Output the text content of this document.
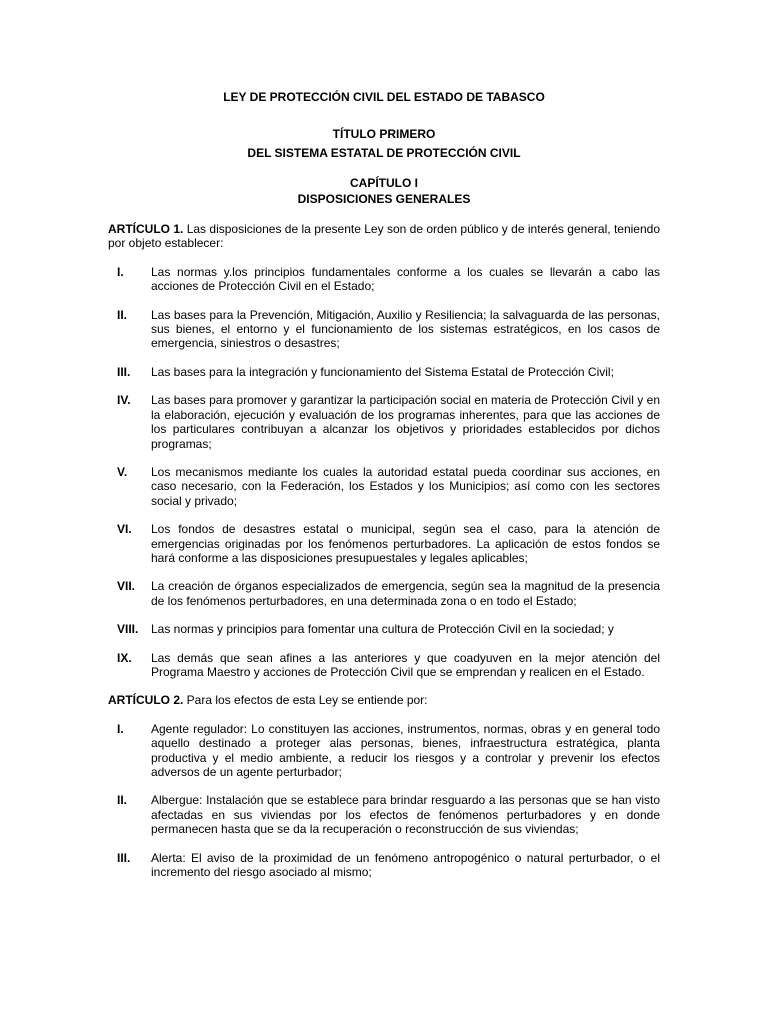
LEY DE PROTECCIÓN CIVIL DEL ESTADO DE TABASCO

TÍTULO PRIMERO

DEL SISTEMA ESTATAL DE PROTECCIÓN CIVIL

CAPÍTULO I

DISPOSICIONES GENERALES

ARTÍCULO 1. Las disposiciones de la presente Ley son de orden público y de interés general, teniendo por objeto establecer:

I.	Las normas y.los principios fundamentales conforme a los cuales se llevarán a cabo las acciones de Protección Civil en el Estado;
II.	Las bases para la Prevención, Mitigación, Auxilio y Resiliencia; la salvaguarda de las personas, sus bienes, el entorno y el funcionamiento de los sistemas estratégicos, en los casos de emergencia, siniestros o desastres;
III.	Las bases para la integración y funcionamiento del Sistema Estatal de Protección Civil;
IV.	Las bases para promover y garantizar la participación social en materia de Protección Civil y en la elaboración, ejecución y evaluación de los programas inherentes, para que las acciones de los particulares contribuyan a alcanzar los objetivos y prioridades establecidos por dichos programas;
V.	Los mecanismos mediante los cuales la autoridad estatal pueda coordinar sus acciones, en caso necesario, con la Federación, los Estados y los Municipios; así como con les sectores social y privado;
VI.	Los fondos de desastres estatal o municipal, según sea el caso, para la atención de emergencias originadas por los fenómenos perturbadores. La aplicación de estos fondos se hará conforme a las disposiciones presupuestales y legales aplicables;
VII.	La creación de órganos especializados de emergencia, según sea la magnitud de la presencia de los fenómenos perturbadores, en una determinada zona o en todo el Estado;
VIII.	Las normas y principios para fomentar una cultura de Protección Civil en la sociedad; y
IX.	Las demás que sean afines a las anteriores y que coadyuven en la mejor atención del Programa Maestro y acciones de Protección Civil que se emprendan y realicen en el Estado.

ARTÍCULO 2. Para los efectos de esta Ley se entiende por:

I.	Agente regulador: Lo constituyen las acciones, instrumentos, normas, obras y en general todo aquello destinado a proteger alas personas, bienes, infraestructura estratégica, planta productiva y el medio ambiente, a reducir los riesgos y a controlar y prevenir los efectos adversos de un agente perturbador;
II.	Albergue: Instalación que se establece para brindar resguardo a las personas que se han visto afectadas en sus viviendas por los efectos de fenómenos perturbadores y en donde permanecen hasta que se da la recuperación o reconstrucción de sus viviendas;
III.	Alerta: El aviso de la proximidad de un fenómeno antropogénico o natural perturbador, o el incremento del riesgo asociado al mismo;
